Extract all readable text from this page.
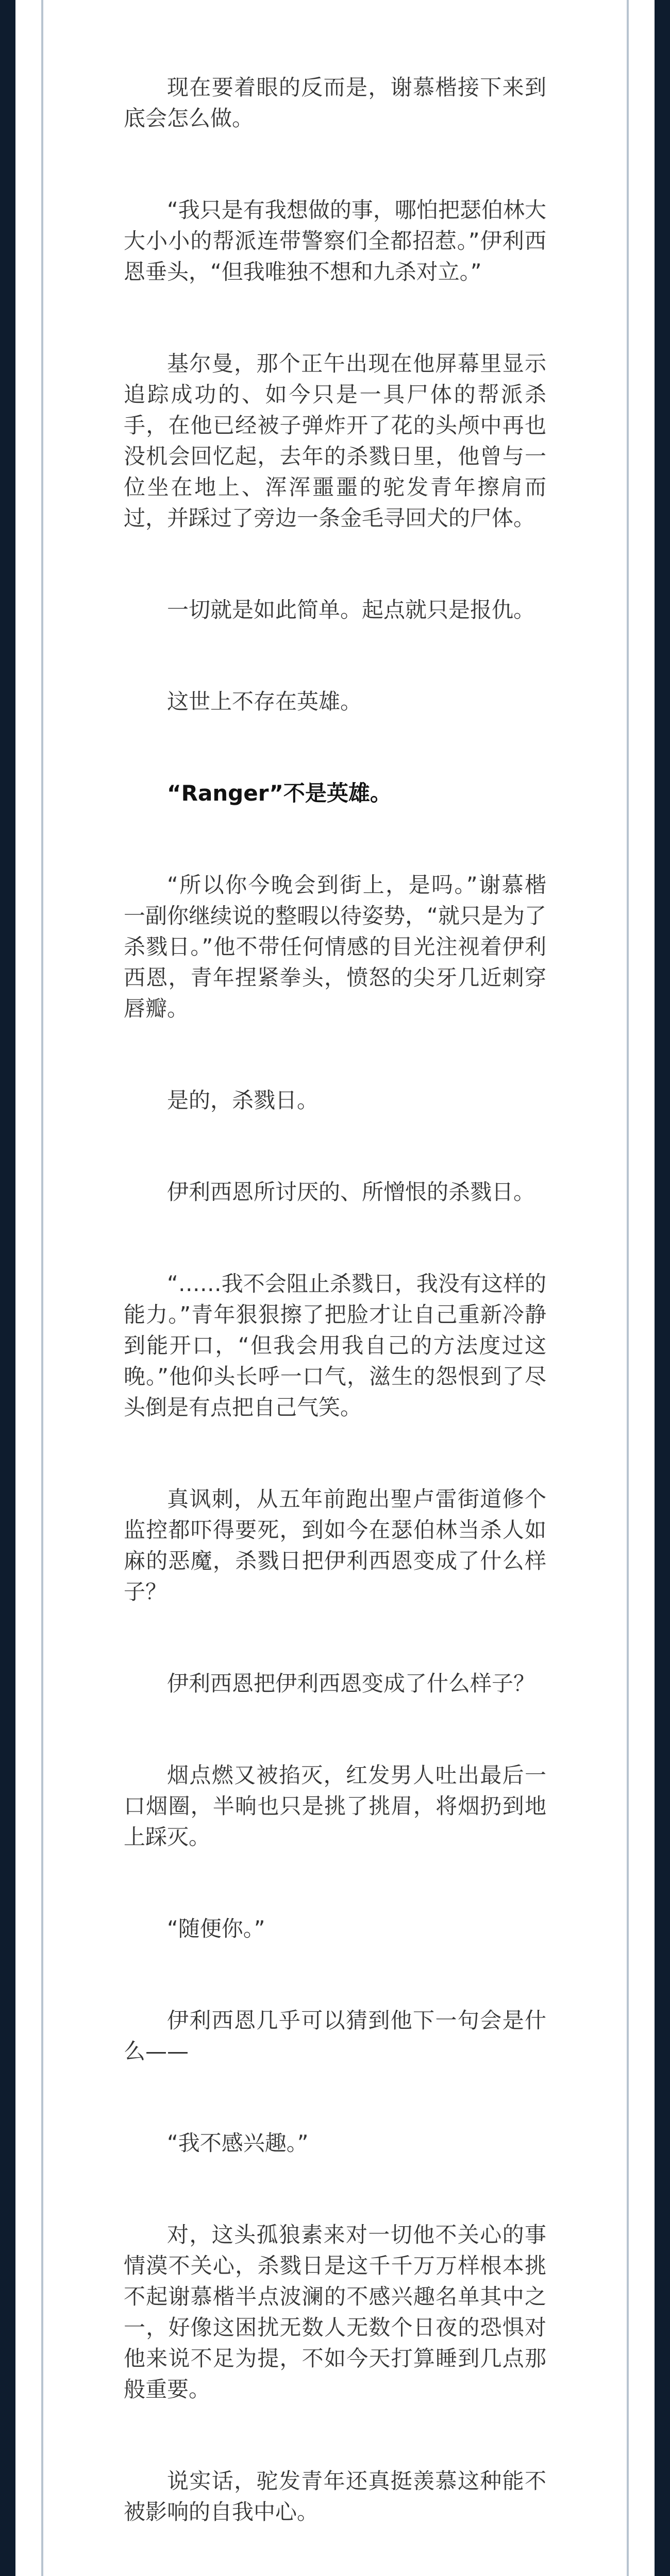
现在要着眼的反而是，谢慕楷接下来到底会怎么做。

“我只是有我想做的事，哪怕把瑟伯林大大小小的帮派连带警察们全都招惹。”伊利西恩垂头，“但我唯独不想和九杀对立。”

基尔曼，那个正午出现在他屏幕里显示追踪成功的、如今只是一具尸体的帮派杀手，在他已经被子弹炸开了花的头颅中再也没机会回忆起，去年的杀戮日里，他曾与一位坐在地上、浑浑噩噩的驼发青年擦肩而过，并踩过了旁边一条金毛寻回犬的尸体。

一切就是如此简单。起点就只是报仇。

这世上不存在英雄。

“Ranger”不是英雄。

“所以你今晚会到街上，是吗。”谢慕楷一副你继续说的整暇以待姿势，“就只是为了杀戮日。”他不带任何情感的目光注视着伊利西恩，青年捏紧拳头，愤怒的尖牙几近刺穿唇瓣。

是的，杀戮日。

伊利西恩所讨厌的、所憎恨的杀戮日。

“……我不会阻止杀戮日，我没有这样的能力。”青年狠狠擦了把脸才让自己重新冷静到能开口，“但我会用我自己的方法度过这晚。”他仰头长呼一口气，滋生的怨恨到了尽头倒是有点把自己气笑。

真讽刺，从五年前跑出聖卢雷街道修个监控都吓得要死，到如今在瑟伯林当杀人如麻的恶魔，杀戮日把伊利西恩变成了什么样子？

伊利西恩把伊利西恩变成了什么样子？

烟点燃又被掐灭，红发男人吐出最后一口烟圈，半晌也只是挑了挑眉，将烟扔到地上踩灭。

“随便你。”

伊利西恩几乎可以猜到他下一句会是什么——

“我不感兴趣。”

对，这头孤狼素来对一切他不关心的事情漠不关心，杀戮日是这千千万万样根本挑不起谢慕楷半点波澜的不感兴趣名单其中之一，好像这困扰无数人无数个日夜的恐惧对他来说不足为提，不如今天打算睡到几点那般重要。

说实话，驼发青年还真挺羡慕这种能不被影响的自我中心。
